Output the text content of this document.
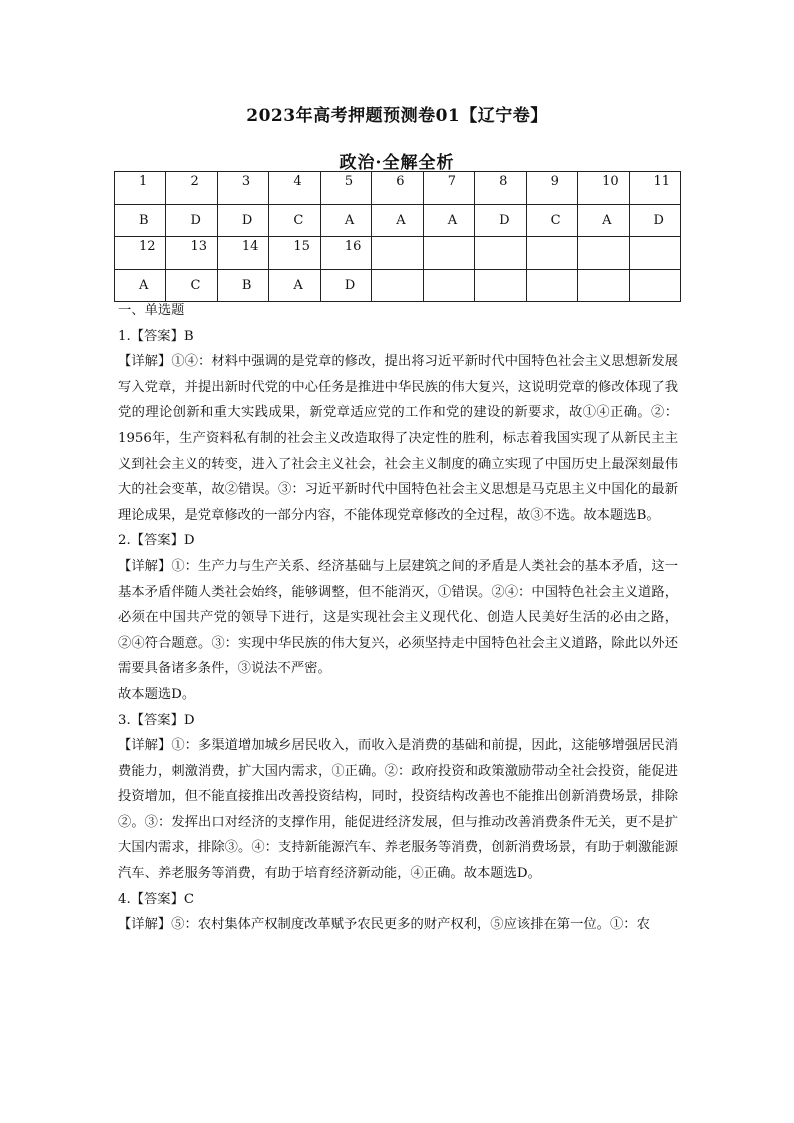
2023年高考押题预测卷01【辽宁卷】
政治·全解全析
1	2	3	4	5	6	7	8	9	10	11
B	D	D	C	A	A	A	D	C	A	D
12	13	14	15	16						
A	C	B	A	D						

一、单选题

1.【答案】B

【详解】①④：材料中强调的是党章的修改，提出将习近平新时代中国特色社会主义思想新发展写入党章，并提出新时代党的中心任务是推进中华民族的伟大复兴，这说明党章的修改体现了我党的理论创新和重大实践成果，新党章适应党的工作和党的建设的新要求，故①④正确。②：1956年，生产资料私有制的社会主义改造取得了决定性的胜利，标志着我国实现了从新民主主义到社会主义的转变，进入了社会主义社会，社会主义制度的确立实现了中国历史上最深刻最伟大的社会变革，故②错误。③：习近平新时代中国特色社会主义思想是马克思主义中国化的最新理论成果，是党章修改的一部分内容，不能体现党章修改的全过程，故③不选。故本题选B。

2.【答案】D

【详解】①：生产力与生产关系、经济基础与上层建筑之间的矛盾是人类社会的基本矛盾，这一基本矛盾伴随人类社会始终，能够调整，但不能消灭，①错误。②④：中国特色社会主义道路，必须在中国共产党的领导下进行，这是实现社会主义现代化、创造人民美好生活的必由之路，②④符合题意。③：实现中华民族的伟大复兴，必须坚持走中国特色社会主义道路，除此以外还需要具备诸多条件，③说法不严密。

故本题选D。

3.【答案】D

【详解】①：多渠道增加城乡居民收入，而收入是消费的基础和前提，因此，这能够增强居民消费能力，刺激消费，扩大国内需求，①正确。②：政府投资和政策激励带动全社会投资，能促进投资增加，但不能直接推出改善投资结构，同时，投资结构改善也不能推出创新消费场景，排除②。③：发挥出口对经济的支撑作用，能促进经济发展，但与推动改善消费条件无关，更不是扩大国内需求，排除③。④：支持新能源汽车、养老服务等消费，创新消费场景，有助于刺激能源汽车、养老服务等消费，有助于培育经济新动能，④正确。故本题选D。

4.【答案】C

【详解】⑤：农村集体产权制度改革赋予农民更多的财产权利，⑤应该排在第一位。①：农
